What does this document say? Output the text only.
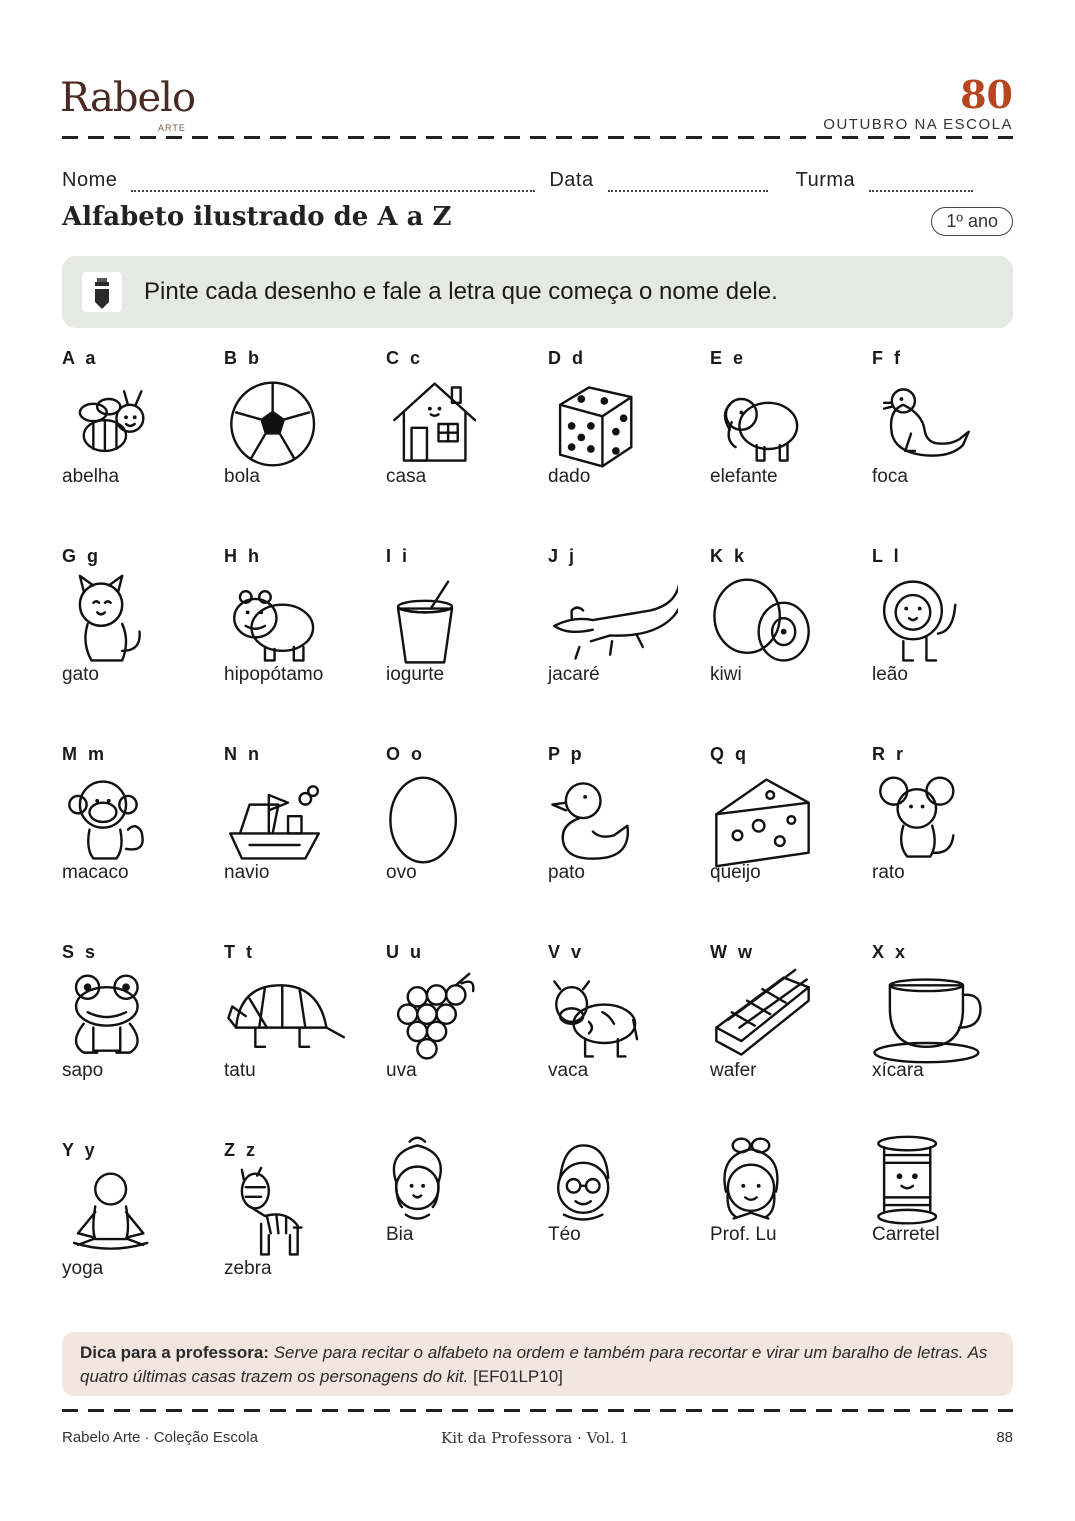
Rabelo
ARTE
80
OUTUBRO NA ESCOLA
Nome	Data	Turma
Alfabeto ilustrado de A a Z	1º ano
Pinte cada desenho e fale a letra que começa o nome dele.
A a
abelha
B b
bola
C c
casa
D d
dado
E e
elefante
F f
foca
G g
gato
H h
hipopótamo
I i
iogurte
J j
jacaré
K k
kiwi
L l
leão
M m
macaco
N n
navio
O o
ovo
P p
pato
Q q
queijo
R r
rato
S s
sapo
T t
tatu
U u
uva
V v
vaca
W w
wafer
X x
xícara
Y y
yoga
Z z
zebra
Bia	Téo	Prof. Lu	Carretel
Dica para a professora: Serve para recitar o alfabeto na ordem e também para recortar e virar um baralho de letras. As quatro últimas casas trazem os personagens do kit. [EF01LP10]
Rabelo Arte · Coleção Escola	Kit da Professora · Vol. 1	88
